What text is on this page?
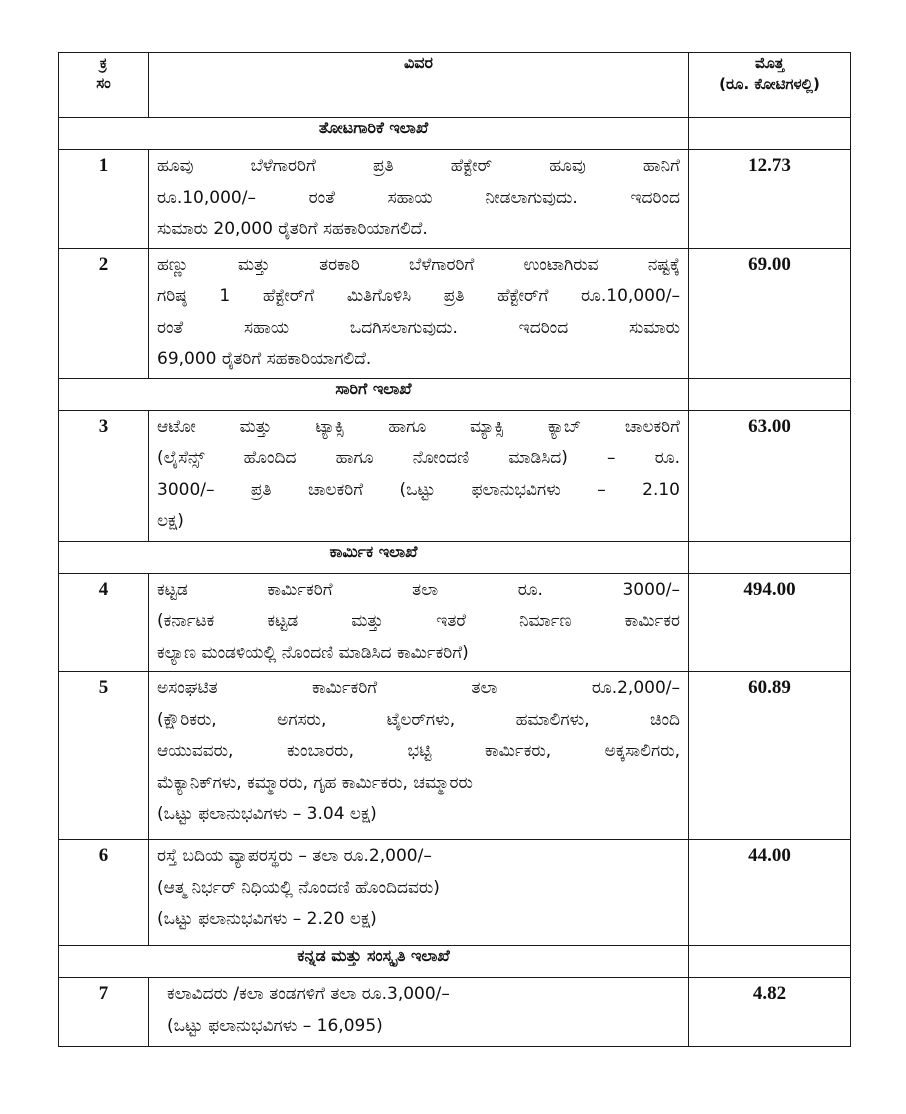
ಕ್ರ
ಸಂ	ವಿವರ	ಮೊತ್ತ
(ರೂ. ಕೋಟಿಗಳಲ್ಲಿ)

ತೋಟಗಾರಿಕೆ ಇಲಾಖೆ		
1	ಹೂವು ಬೆಳೆಗಾರರಿಗೆ ಪ್ರತಿ ಹೆಕ್ಟೇರ್ ಹೂವು ಹಾನಿಗೆ
ರೂ.10,000/– ರಂತೆ ಸಹಾಯ ನೀಡಲಾಗುವುದು. ಇದರಿಂದ
ಸುಮಾರು 20,000 ರೈತರಿಗೆ ಸಹಕಾರಿಯಾಗಲಿದೆ.	12.73
2	ಹಣ್ಣು ಮತ್ತು ತರಕಾರಿ ಬೆಳೆಗಾರರಿಗೆ ಉಂಟಾಗಿರುವ ನಷ್ಟಕ್ಕೆ
ಗರಿಷ್ಠ 1 ಹೆಕ್ಟೇರ್‌ಗೆ ಮಿತಿಗೊಳಿಸಿ ಪ್ರತಿ ಹೆಕ್ಟೇರ್‌ಗೆ ರೂ.10,000/–
ರಂತೆ ಸಹಾಯ ಒದಗಿಸಲಾಗುವುದು. ಇದರಿಂದ ಸುಮಾರು
69,000 ರೈತರಿಗೆ ಸಹಕಾರಿಯಾಗಲಿದೆ.	69.00
ಸಾರಿಗೆ ಇಲಾಖೆ		
3	ಆಟೋ ಮತ್ತು ಟ್ಯಾಕ್ಸಿ ಹಾಗೂ ಮ್ಯಾಕ್ಸಿ ಕ್ಯಾಬ್ ಚಾಲಕರಿಗೆ
(ಲೈಸೆನ್ಸ್ ಹೊಂದಿದ ಹಾಗೂ ನೋಂದಣಿ ಮಾಡಿಸಿದ) – ರೂ.
3000/– ಪ್ರತಿ ಚಾಲಕರಿಗೆ (ಒಟ್ಟು ಫಲಾನುಭವಿಗಳು – 2.10
ಲಕ್ಷ)	63.00
ಕಾರ್ಮಿಕ ಇಲಾಖೆ		
4	ಕಟ್ಟಡ ಕಾರ್ಮಿಕರಿಗೆ ತಲಾ ರೂ. 3000/–
(ಕರ್ನಾಟಕ ಕಟ್ಟಡ ಮತ್ತು ಇತರೆ ನಿರ್ಮಾಣ ಕಾರ್ಮಿಕರ
ಕಲ್ಯಾಣ ಮಂಡಳಿಯಲ್ಲಿ ನೊಂದಣಿ ಮಾಡಿಸಿದ ಕಾರ್ಮಿಕರಿಗೆ)	494.00
5	ಅಸಂಘಟಿತ ಕಾರ್ಮಿಕರಿಗೆ ತಲಾ ರೂ.2,000/–
(ಕ್ಷೌರಿಕರು, ಅಗಸರು, ಟೈಲರ್‌ಗಳು, ಹಮಾಲಿಗಳು, ಚಿಂದಿ
ಆಯುವವರು, ಕುಂಬಾರರು, ಭಟ್ಟಿ ಕಾರ್ಮಿಕರು, ಅಕ್ಕಸಾಲಿಗರು,
ಮೆಕ್ಯಾನಿಕ್‌ಗಳು, ಕಮ್ಮಾರರು, ಗೃಹ ಕಾರ್ಮಿಕರು, ಚಮ್ಮಾರರು
(ಒಟ್ಟು ಫಲಾನುಭವಿಗಳು – 3.04 ಲಕ್ಷ)	60.89
6	ರಸ್ತೆ ಬದಿಯ ವ್ಯಾಪರಸ್ಥರು – ತಲಾ ರೂ.2,000/–
(ಆತ್ಮ ನಿರ್ಭರ್ ನಿಧಿಯಲ್ಲಿ ನೊಂದಣಿ ಹೊಂದಿದವರು)
(ಒಟ್ಟು ಫಲಾನುಭವಿಗಳು – 2.20 ಲಕ್ಷ)	44.00
ಕನ್ನಡ ಮತ್ತು ಸಂಸ್ಕೃತಿ ಇಲಾಖೆ		
7	ಕಲಾವಿದರು /ಕಲಾ ತಂಡಗಳಿಗೆ ತಲಾ ರೂ.3,000/–
(ಒಟ್ಟು ಫಲಾನುಭವಿಗಳು – 16,095)	4.82
